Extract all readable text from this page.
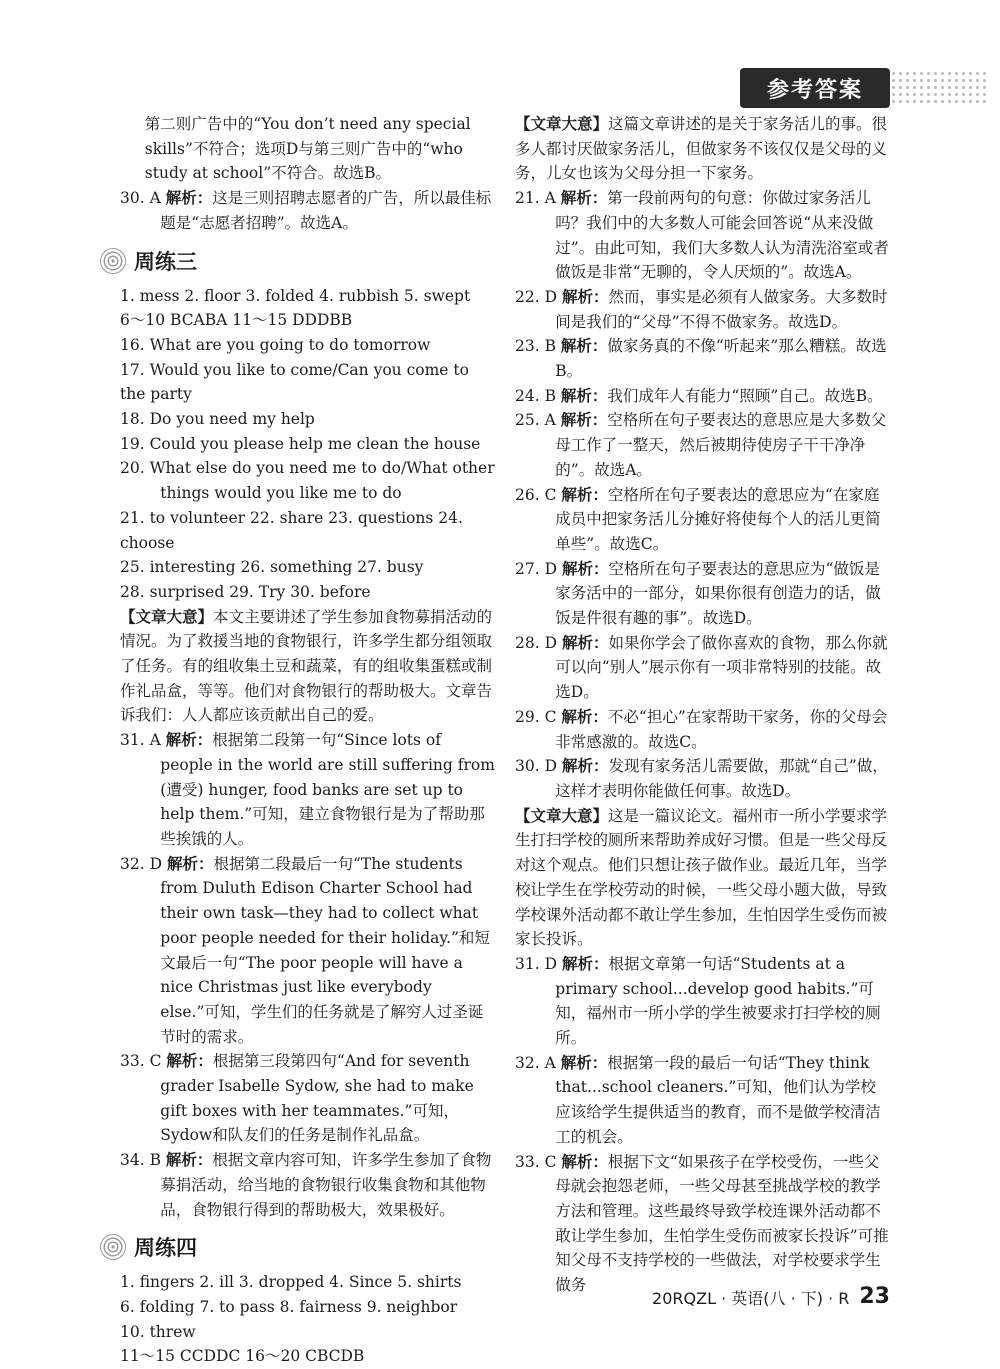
参考答案

第二则广告中的“You don’t need any special skills”不符合；选项D与第三则广告中的“who study at school”不符合。故选B。

30. A 解析：这是三则招聘志愿者的广告，所以最佳标题是“志愿者招聘”。故选A。

周练三

1. mess 2. floor 3. folded 4. rubbish 5. swept

6～10 BCABA 11～15 DDDBB

16. What are you going to do tomorrow

17. Would you like to come/Can you come to the party

18. Do you need my help

19. Could you please help me clean the house

20. What else do you need me to do/What other things would you like me to do

21. to volunteer 22. share 23. questions 24. choose

25. interesting 26. something 27. busy

28. surprised 29. Try 30. before

【文章大意】本文主要讲述了学生参加食物募捐活动的情况。为了救援当地的食物银行，许多学生都分组领取了任务。有的组收集土豆和蔬菜，有的组收集蛋糕或制作礼品盒，等等。他们对食物银行的帮助极大。文章告诉我们：人人都应该贡献出自己的爱。

31. A 解析：根据第二段第一句“Since lots of people in the world are still suffering from (遭受) hunger, food banks are set up to help them.”可知，建立食物银行是为了帮助那些挨饿的人。

32. D 解析：根据第二段最后一句“The students from Duluth Edison Charter School had their own task—they had to collect what poor people needed for their holiday.”和短文最后一句“The poor people will have a nice Christmas just like everybody else.”可知，学生们的任务就是了解穷人过圣诞节时的需求。

33. C 解析：根据第三段第四句“And for seventh grader Isabelle Sydow, she had to make gift boxes with her teammates.”可知，Sydow和队友们的任务是制作礼品盒。

34. B 解析：根据文章内容可知，许多学生参加了食物募捐活动，给当地的食物银行收集食物和其他物品，食物银行得到的帮助极大，效果极好。

周练四

1. fingers 2. ill 3. dropped 4. Since 5. shirts

6. folding 7. to pass 8. fairness 9. neighbor

10. threw

11～15 CCDDC 16～20 CBCDB

【文章大意】这篇文章讲述的是关于家务活儿的事。很多人都讨厌做家务活儿，但做家务不该仅仅是父母的义务，儿女也该为父母分担一下家务。

21. A 解析：第一段前两句的句意：你做过家务活儿吗？我们中的大多数人可能会回答说“从来没做过”。由此可知，我们大多数人认为清洗浴室或者做饭是非常“无聊的，令人厌烦的”。故选A。

22. D 解析：然而，事实是必须有人做家务。大多数时间是我们的“父母”不得不做家务。故选D。

23. B 解析：做家务真的不像“听起来”那么糟糕。故选B。

24. B 解析：我们成年人有能力“照顾”自己。故选B。

25. A 解析：空格所在句子要表达的意思应是大多数父母工作了一整天，然后被期待使房子干干净净的”。故选A。

26. C 解析：空格所在句子要表达的意思应为“在家庭成员中把家务活儿分摊好将使每个人的活儿更简单些”。故选C。

27. D 解析：空格所在句子要表达的意思应为“做饭是家务活中的一部分，如果你很有创造力的话，做饭是件很有趣的事”。故选D。

28. D 解析：如果你学会了做你喜欢的食物，那么你就可以向“别人”展示你有一项非常特别的技能。故选D。

29. C 解析：不必“担心”在家帮助干家务，你的父母会非常感激的。故选C。

30. D 解析：发现有家务活儿需要做，那就“自己”做，这样才表明你能做任何事。故选D。

【文章大意】这是一篇议论文。福州市一所小学要求学生打扫学校的厕所来帮助养成好习惯。但是一些父母反对这个观点。他们只想让孩子做作业。最近几年，当学校让学生在学校劳动的时候，一些父母小题大做，导致学校课外活动都不敢让学生参加，生怕因学生受伤而被家长投诉。

31. D 解析：根据文章第一句话“Students at a primary school...develop good habits.”可知，福州市一所小学的学生被要求打扫学校的厕所。

32. A 解析：根据第一段的最后一句话“They think that...school cleaners.”可知，他们认为学校应该给学生提供适当的教育，而不是做学校清洁工的机会。

33. C 解析：根据下文“如果孩子在学校受伤，一些父母就会抱怨老师，一些父母甚至挑战学校的教学方法和管理。这些最终导致学校连课外活动都不敢让学生参加，生怕学生受伤而被家长投诉”可推知父母不支持学校的一些做法，对学校要求学生做务

20RQZL · 英语(八 · 下) · R 23
